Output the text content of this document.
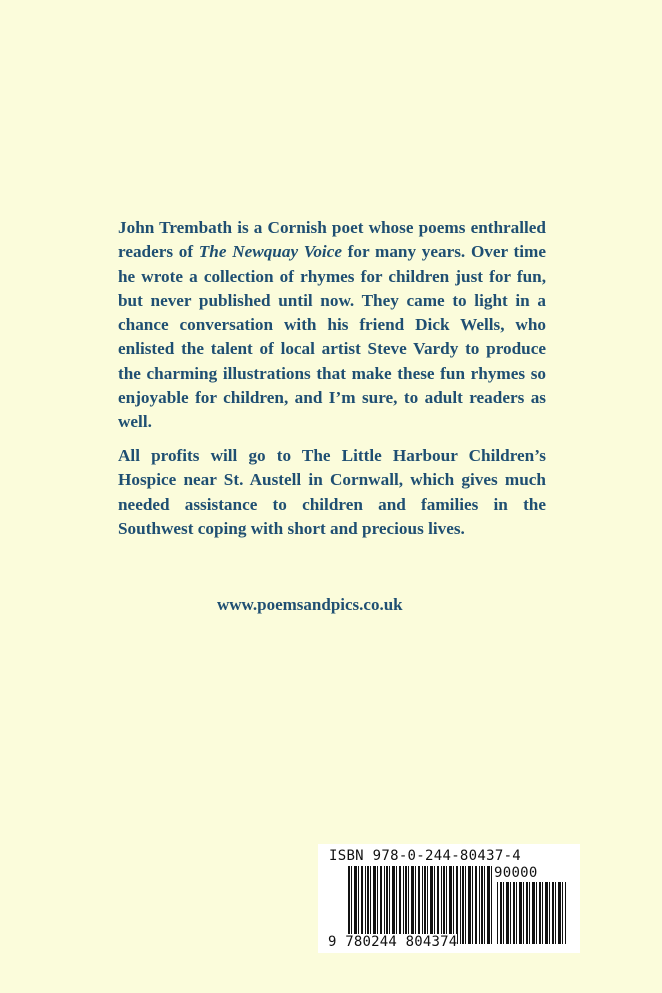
John Trembath is a Cornish poet whose poems enthralled readers of The Newquay Voice for many years. Over time he wrote a collection of rhymes for children just for fun, but never published until now. They came to light in a chance conversation with his friend Dick Wells, who enlisted the talent of local artist Steve Vardy to produce the charming illustrations that make these fun rhymes so enjoyable for children, and I’m sure, to adult readers as well.

All profits will go to The Little Harbour Children’s Hospice near St. Austell in Cornwall, which gives much needed assistance to children and families in the Southwest coping with short and precious lives.

www.poemsandpics.co.uk

ISBN 978-0-244-80437-4
90000
9 780244 804374
